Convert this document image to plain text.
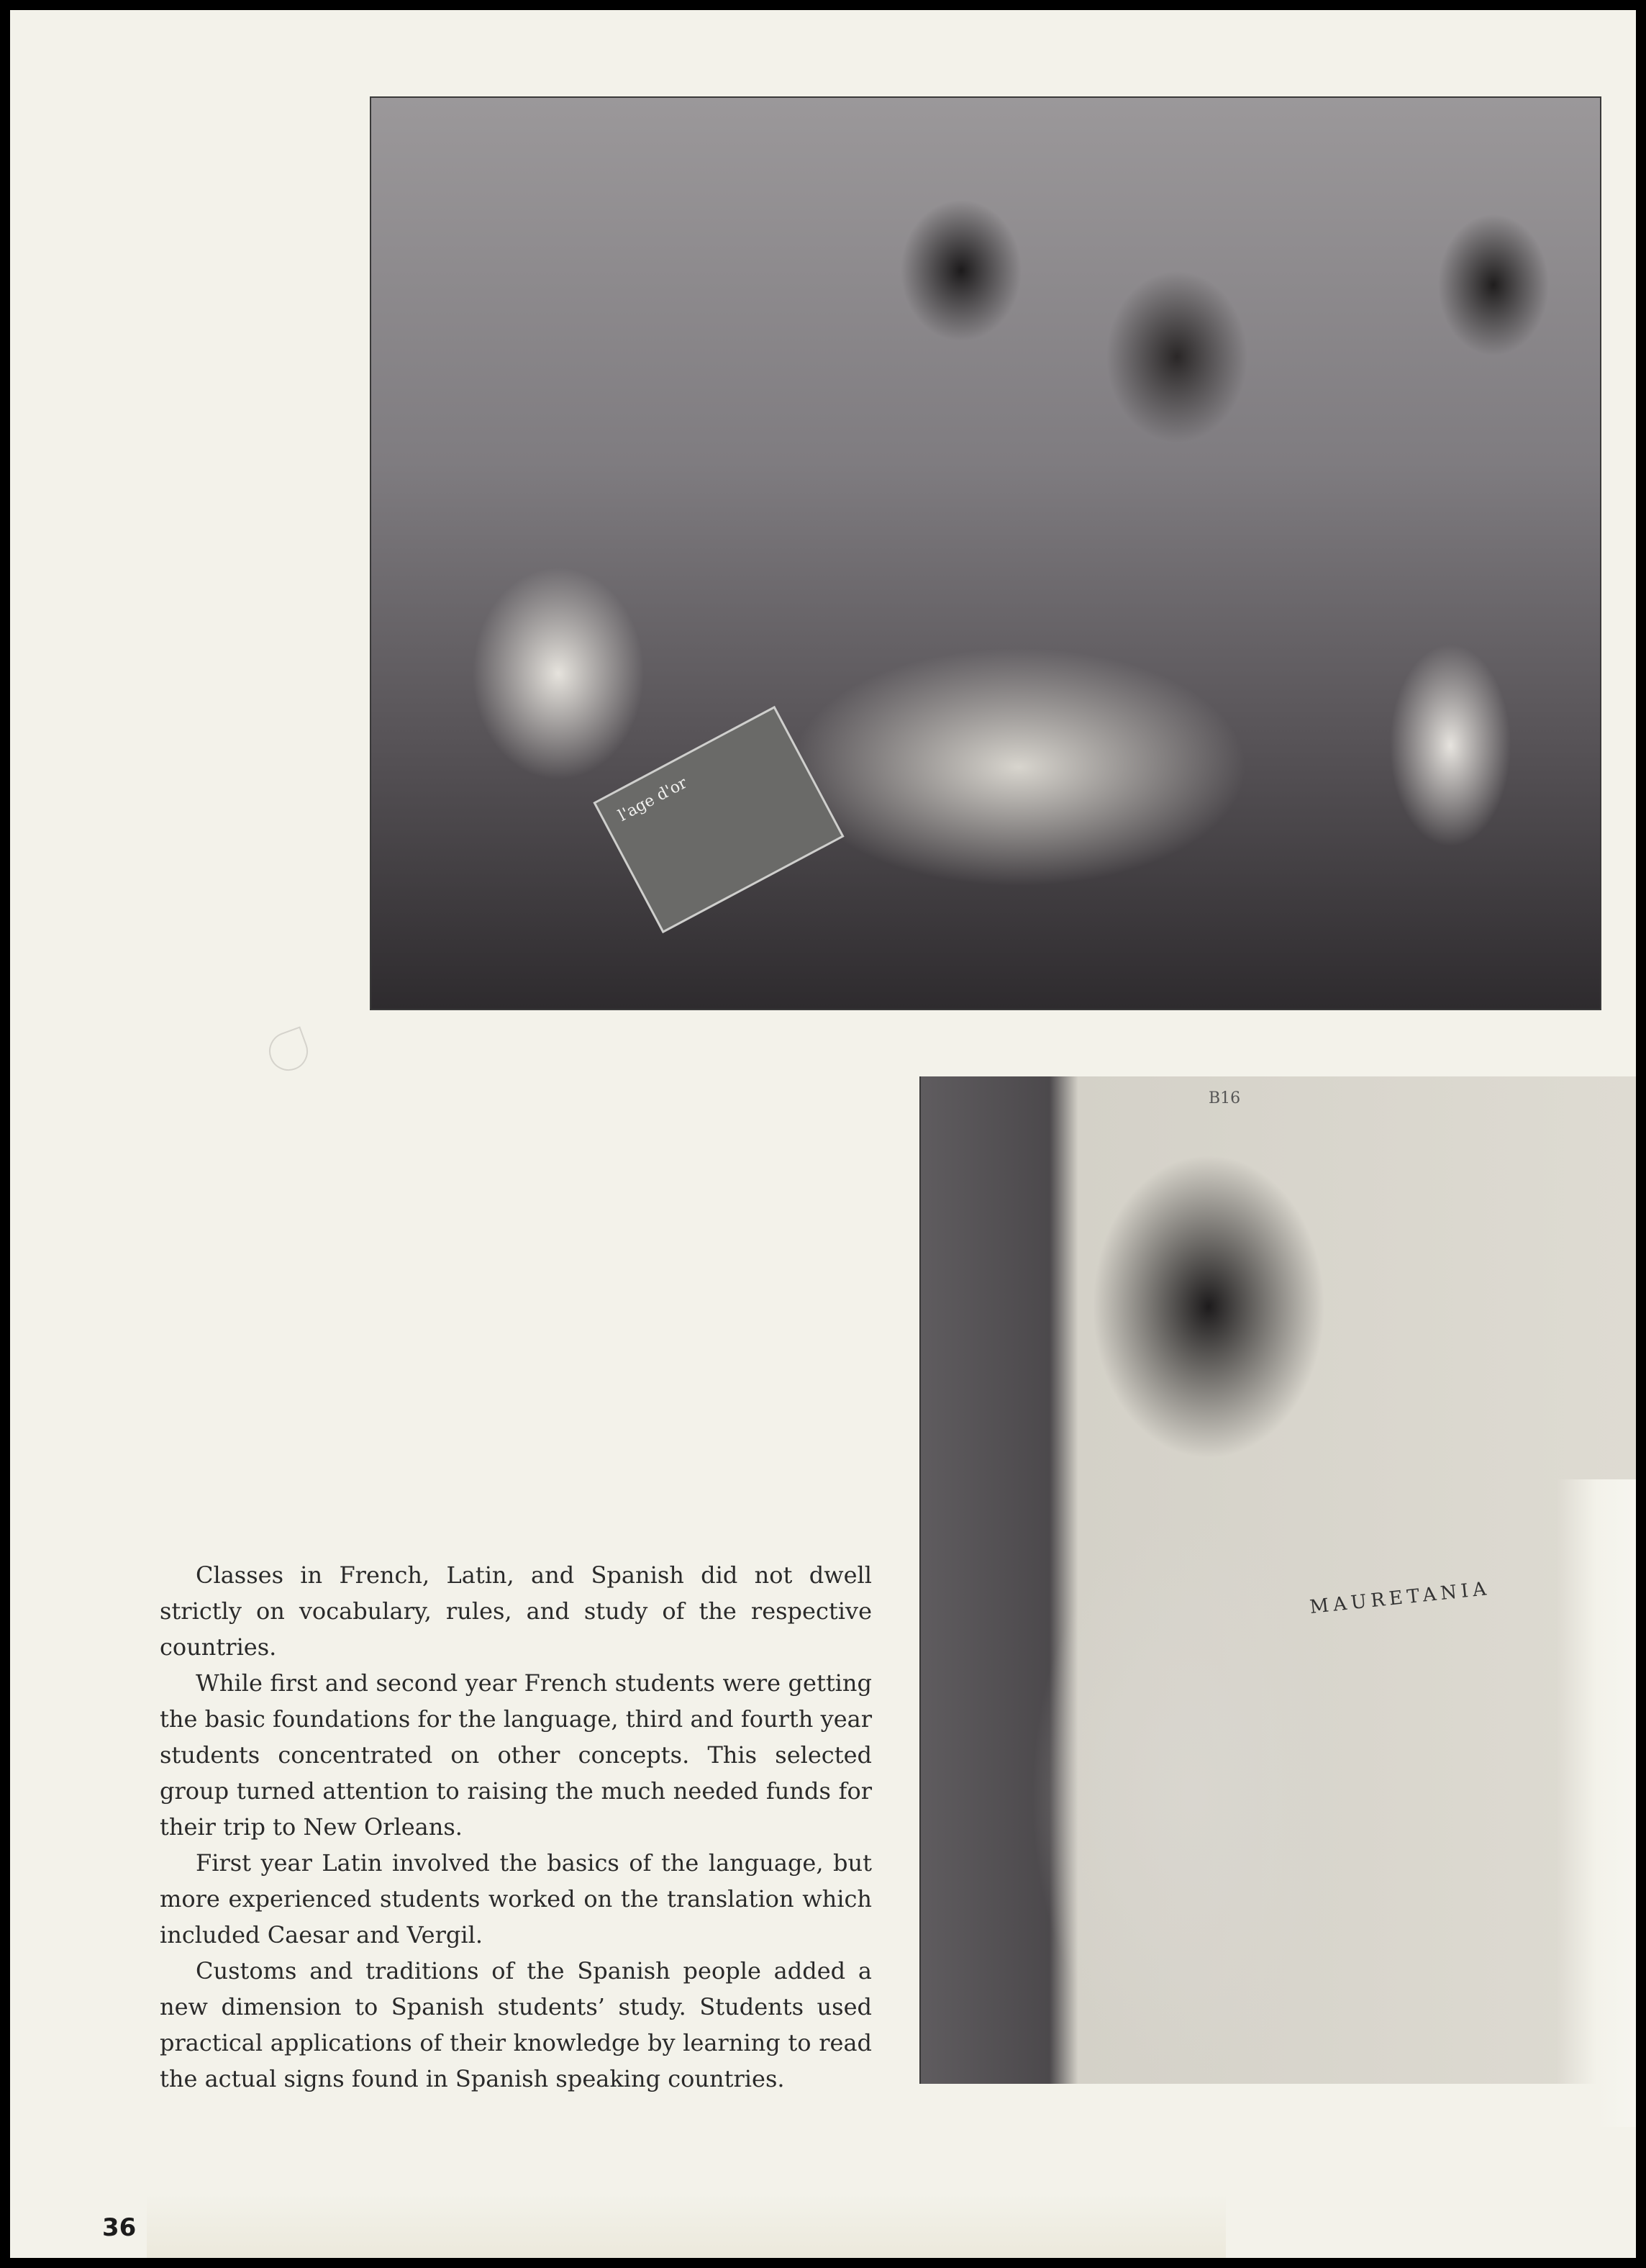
l'age d'or
B16
MAURETANIA

Classes in French, Latin, and Spanish did not dwell strictly on vocabulary, rules, and study of the respective countries.

While first and second year French students were getting the basic foundations for the language, third and fourth year students concentrated on other concepts. This selected group turned attention to raising the much needed funds for their trip to New Orleans.

First year Latin involved the basics of the language, but more experienced students worked on the translation which included Caesar and Vergil.

Customs and traditions of the Spanish people added a new dimension to Spanish students’ study. Students used practical applications of their knowledge by learning to read the actual signs found in Spanish speaking countries.

36
